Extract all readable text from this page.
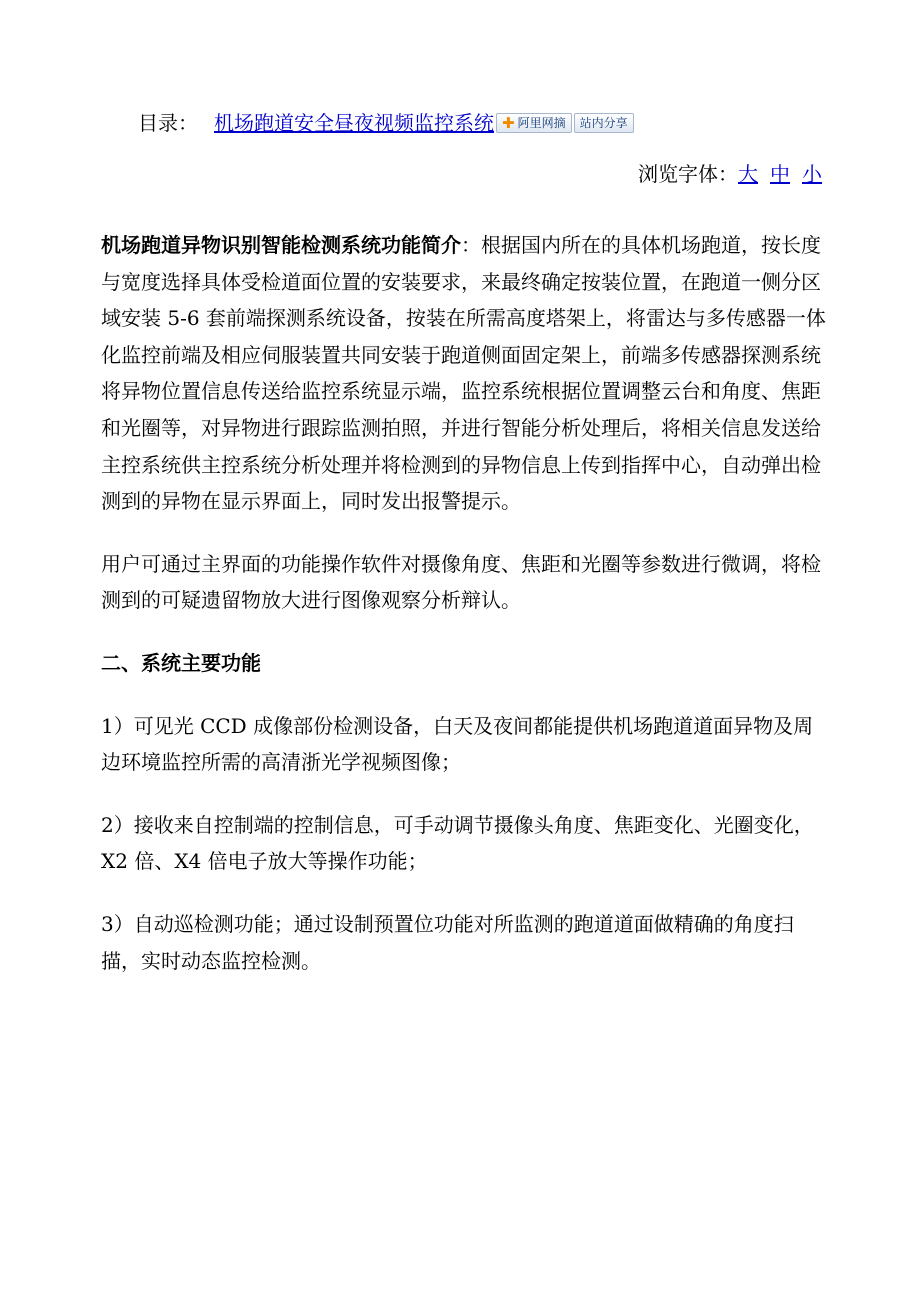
目录： 机场跑道安全昼夜视频监控系统 ✚ 阿里网摘 站内分享
浏览字体：大 中 小

机场跑道异物识别智能检测系统功能简介：根据国内所在的具体机场跑道，按长度与宽度选择具体受检道面位置的安装要求，来最终确定按装位置，在跑道一侧分区域安装 5-6 套前端探测系统设备，按装在所需高度塔架上，将雷达与多传感器一体化监控前端及相应伺服装置共同安装于跑道侧面固定架上，前端多传感器探测系统将异物位置信息传送给监控系统显示端，监控系统根据位置调整云台和角度、焦距和光圈等，对异物进行跟踪监测拍照，并进行智能分析处理后，将相关信息发送给主控系统供主控系统分析处理并将检测到的异物信息上传到指挥中心，自动弹出检测到的异物在显示界面上，同时发出报警提示。

用户可通过主界面的功能操作软件对摄像角度、焦距和光圈等参数进行微调，将检测到的可疑遗留物放大进行图像观察分析辩认。

二、系统主要功能

1）可见光 CCD 成像部份检测设备，白天及夜间都能提供机场跑道道面异物及周边环境监控所需的高清浙光学视频图像；

2）接收来自控制端的控制信息，可手动调节摄像头角度、焦距变化、光圈变化，X2 倍、X4 倍电子放大等操作功能；

3）自动巡检测功能；通过设制预置位功能对所监测的跑道道面做精确的角度扫描，实时动态监控检测。
